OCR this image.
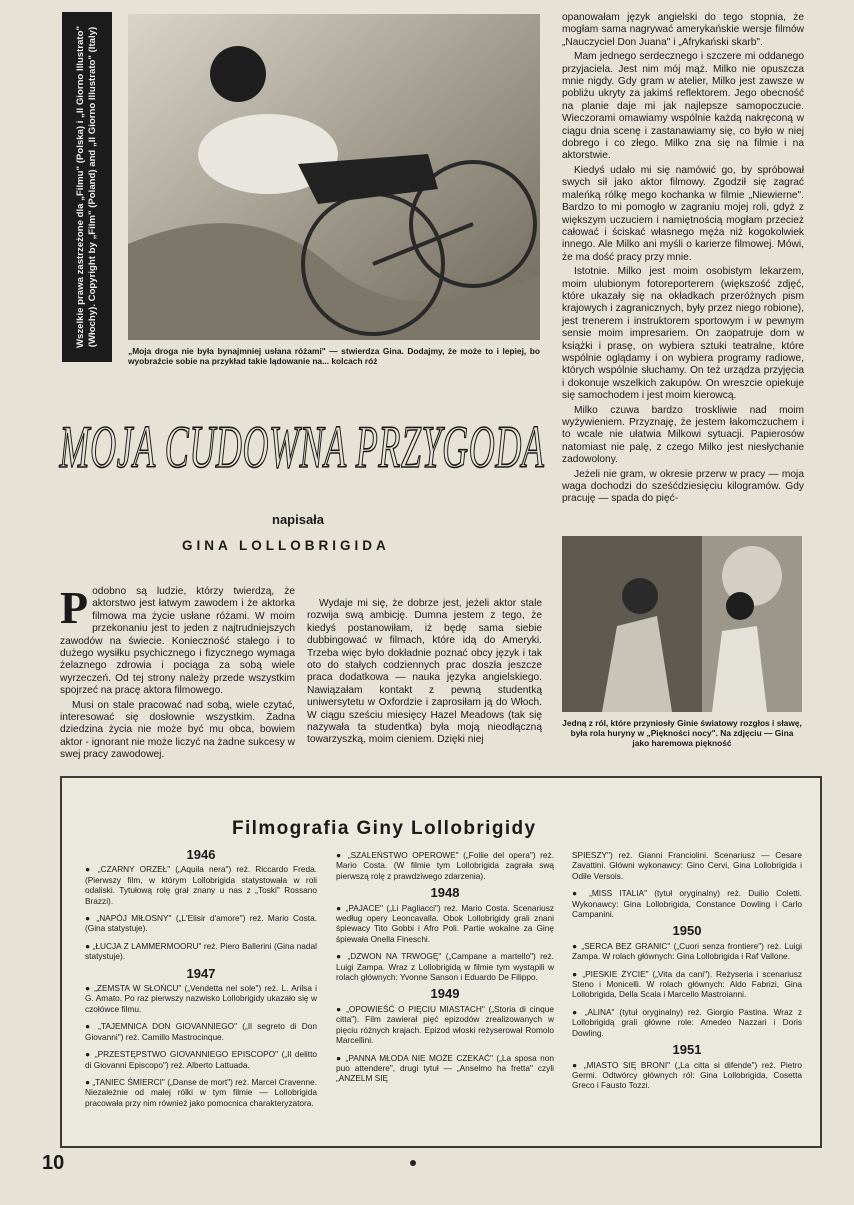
Wszelkie prawa zastrzeżone dla „Filmu" (Polska) i „Il Giorno Illustrato" (Włochy). Copyright by „Film" (Poland) and „Il Giorno Illustrato" (Italy)
„Moja droga nie była bynajmniej usłana różami" — stwierdza Gina. Dodajmy, że może to i lepiej, bo wyobraźcie sobie na przykład takie lądowanie na... kolcach róż
MOJA CUDOWNA PRZYGODA
napisała
GINA LOLLOBRIGIDA

Podobno są ludzie, którzy twierdzą, że aktorstwo jest łatwym zawodem i że aktorka filmowa ma życie usłane różami. W moim przekonaniu jest to jeden z najtrudniejszych zawodów na świecie. Konieczność stałego i to dużego wysiłku psychicznego i fizycznego wymaga żelaznego zdrowia i pociąga za sobą wiele wyrzeczeń. Od tej strony należy przede wszystkim spojrzeć na pracę aktora filmowego.

Musi on stale pracować nad sobą, wiele czytać, interesować się dosłownie wszystkim. Żadna dziedzina życia nie może być mu obca, bowiem aktor - ignorant nie może liczyć na żadne sukcesy w swej pracy zawodowej.

Wydaje mi się, że dobrze jest, jeżeli aktor stale rozwija swą ambicję. Dumna jestem z tego, że kiedyś postanowiłam, iż będę sama siebie dubbingować w filmach, które idą do Ameryki. Trzeba więc było dokładnie poznać obcy język i tak oto do stałych codziennych prac doszła jeszcze praca dodatkowa — nauka języka angielskiego. Nawiązałam kontakt z pewną studentką uniwersytetu w Oxfordzie i zaprosiłam ją do Włoch. W ciągu sześciu miesięcy Hazel Meadows (tak się nazywała ta studentka) była moją nieodłączną towarzyszką, moim cieniem. Dzięki niej

opanowałam język angielski do tego stopnia, że mogłam sama nagrywać amerykańskie wersje filmów „Nauczyciel Don Juana" i „Afrykański skarb".

Mam jednego serdecznego i szczere mi oddanego przyjaciela. Jest nim mój mąż. Milko nie opuszcza mnie nigdy. Gdy gram w atelier, Milko jest zawsze w pobliżu ukryty za jakimś reflektorem. Jego obecność na planie daje mi jak najlepsze samopoczucie. Wieczorami omawiamy wspólnie każdą nakręconą w ciągu dnia scenę i zastanawiamy się, co było w niej dobrego i co złego. Milko zna się na filmie i na aktorstwie.

Kiedyś udało mi się namówić go, by spróbował swych sił jako aktor filmowy. Zgodził się zagrać maleńką rólkę mego kochanka w filmie „Niewierne". Bardzo to mi pomogło w zagraniu mojej roli, gdyż z większym uczuciem i namiętnością mogłam przecież całować i ściskać własnego męża niż kogokolwiek innego. Ale Milko ani myśli o karierze filmowej. Mówi, że ma dość pracy przy mnie.

Istotnie. Milko jest moim osobistym lekarzem, moim ulubionym fotoreporterem (większość zdjęć, które ukazały się na okładkach przeróżnych pism krajowych i zagranicznych, były przez niego robione), jest trenerem i instruktorem sportowym i w pewnym sensie moim impresariem. On zaopatruje dom w książki i prasę, on wybiera sztuki teatralne, które wspólnie oglądamy i on wybiera programy radiowe, których wspólnie słuchamy. On też urządza przyjęcia i dokonuje wszelkich zakupów. On wreszcie opiekuje się samochodem i jest moim kierowcą.

Milko czuwa bardzo troskliwie nad moim wyżywieniem. Przyznaję, że jestem łakomczuchem i to wcale nie ułatwia Milkowi sytuacji. Papierosów natomiast nie palę, z czego Milko jest niesłychanie zadowolony.

Jeżeli nie gram, w okresie przerw w pracy — moja waga dochodzi do sześćdziesięciu kilogramów. Gdy pracuję — spada do pięć-

Jedną z ról, które przyniosły Ginie światowy rozgłos i sławę, była rola huryny w „Piękności nocy". Na zdjęciu — Gina jako haremowa piękność
Filmografia Giny Lollobrigidy
1946

● „CZARNY ORZEŁ" („Aquila nera") reż. Riccardo Freda. (Pierwszy film, w którym Lollobrigida statystowała w roli odaliski. Tytułową rolę grał znany u nas z „Toski" Rossano Brazzi).

● „NAPÓJ MIŁOSNY" („L'Elisir d'amore") reż. Mario Costa. (Gina statystuje).

● „ŁUCJA Z LAMMERMOORU" reż. Piero Ballerini (Gina nadal statystuje).

1947

● „ZEMSTA W SŁOŃCU" („Vendetta nel sole") reż. L. Arilsa i G. Amato. Po raz pierwszy nazwisko Lollobrigidy ukazało się w czołówce filmu.

● „TAJEMNICA DON GIOVANNIEGO" („Il segreto di Don Giovanni") reż. Camillo Mastrocinque.

● „PRZESTĘPSTWO GIOVANNIEGO EPISCOPO" („Il delitto di Giovanni Episcopo") reż. Alberto Lattuada.

● „TANIEC ŚMIERCI" („Danse de mort") reż. Marcel Cravenne. Niezależnie od małej rólki w tym filmie — Lollobrigida pracowała przy nim również jako pomocnica charakteryzatora.

● „SZALEŃSTWO OPEROWE" („Follie del opera") reż. Mario Costa. (W filmie tym Lollobrigida zagrała swą pierwszą rolę z prawdziwego zdarzenia).

1948

● „PAJACE" („Li Pagliacci") reż. Mario Costa. Scenariusz według opery Leoncavalla. Obok Lollobrigidy grali znani śpiewacy Tito Gobbi i Afro Poli. Partie wokalne za Ginę śpiewała Onella Fineschi.

● „DZWON NA TRWOGĘ" („Campane a martello") reż. Luigi Zampa. Wraz z Lollobrigidą w filmie tym wystąpili w rolach głównych: Yvonne Sanson i Eduardo De Filippo.

1949

● „OPOWIEŚĆ O PIĘCIU MIASTACH" („Storia di cinque citta"). Film zawierał pięć epizodów zrealizowanych w pięciu różnych krajach. Epizod włoski reżyserował Romolo Marcellini.

● „PANNA MŁODA NIE MOŻE CZEKAĆ" („La sposa non puo attendere", drugi tytuł — „Anselmo ha fretta" czyli „ANZELM SIĘ

SPIESZY") reż. Gianni Franciolini. Scenariusz — Cesare Zavattini. Główni wykonawcy: Gino Cervi, Gina Lollobrigida i Odile Versois.

● „MISS ITALIA" (tytuł oryginalny) reż. Duilio Coletti. Wykonawcy: Gina Lollobrigida, Constance Dowling i Carlo Campanini.

1950

● „SERCA BEZ GRANIC" („Cuori senza frontiere") reż. Luigi Zampa. W rolach głównych: Gina Lollobrigida i Raf Vallone.

● „PIESKIE ŻYCIE" („Vita da cani"). Reżyseria i scenariusz Steno i Monicelli. W rolach głównych: Aldo Fabrizi, Gina Lollobrigida, Della Scala i Marcello Mastroianni.

● „ALINA" (tytuł oryginalny) reż. Giorgio Pastina. Wraz z Lollobrigidą grali główne role: Amedeo Nazzari i Doris Dowling.

1951

● „MIASTO SIĘ BRONI" („La citta si difende") reż. Pietro Germi. Odtwórcy głównych ról: Gina Lollobrigida, Cosetta Greco i Fausto Tozzi.

10
